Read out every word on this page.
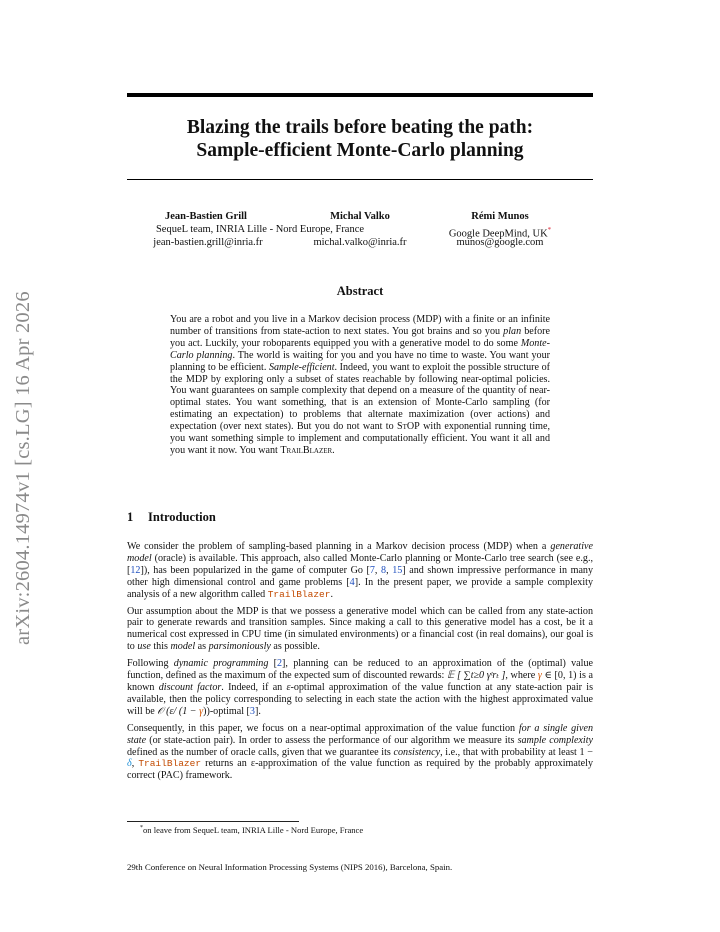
arXiv:2604.14974v1 [cs.LG] 16 Apr 2026
Blazing the trails before beating the path:
Sample-efficient Monte-Carlo planning
Jean-Bastien Grill	Michal Valko	Rémi Munos
SequeL team, INRIA Lille - Nord Europe, France	Google DeepMind, UK*
jean-bastien.grill@inria.fr	michal.valko@inria.fr	munos@google.com
Abstract
You are a robot and you live in a Markov decision process (MDP) with a finite or an infinite number of transitions from state-action to next states. You got brains and so you plan before you act. Luckily, your roboparents equipped you with a generative model to do some Monte-Carlo planning. The world is waiting for you and you have no time to waste. You want your planning to be efficient. Sample-efficient. Indeed, you want to exploit the possible structure of the MDP by exploring only a subset of states reachable by following near-optimal policies. You want guarantees on sample complexity that depend on a measure of the quantity of near-optimal states. You want something, that is an extension of Monte-Carlo sampling (for estimating an expectation) to problems that alternate maximization (over actions) and expectation (over next states). But you do not want to StOP with exponential running time, you want something simple to implement and computationally efficient. You want it all and you want it now. You want TrailBlazer.
1 Introduction

We consider the problem of sampling-based planning in a Markov decision process (MDP) when a generative model (oracle) is available. This approach, also called Monte-Carlo planning or Monte-Carlo tree search (see e.g., [12]), has been popularized in the game of computer Go [7, 8, 15] and shown impressive performance in many other high dimensional control and game problems [4]. In the present paper, we provide a sample complexity analysis of a new algorithm called TrailBlazer.

Our assumption about the MDP is that we possess a generative model which can be called from any state-action pair to generate rewards and transition samples. Since making a call to this generative model has a cost, be it a numerical cost expressed in CPU time (in simulated environments) or a financial cost (in real domains), our goal is to use this model as parsimoniously as possible.

Following dynamic programming [2], planning can be reduced to an approximation of the (optimal) value function, defined as the maximum of the expected sum of discounted rewards: 𝔼 [ ∑t≥0 γᵗrₜ ], where γ ∈ [0, 1) is a known discount factor. Indeed, if an ε-optimal approximation of the value function at any state-action pair is available, then the policy corresponding to selecting in each state the action with the highest approximated value will be 𝒪 (ε/ (1 − γ))-optimal [3].

Consequently, in this paper, we focus on a near-optimal approximation of the value function for a single given state (or state-action pair). In order to assess the performance of our algorithm we measure its sample complexity defined as the number of oracle calls, given that we guarantee its consistency, i.e., that with probability at least 1 − δ, TrailBlazer returns an ε-approximation of the value function as required by the probably approximately correct (PAC) framework.

*on leave from SequeL team, INRIA Lille - Nord Europe, France
29th Conference on Neural Information Processing Systems (NIPS 2016), Barcelona, Spain.
